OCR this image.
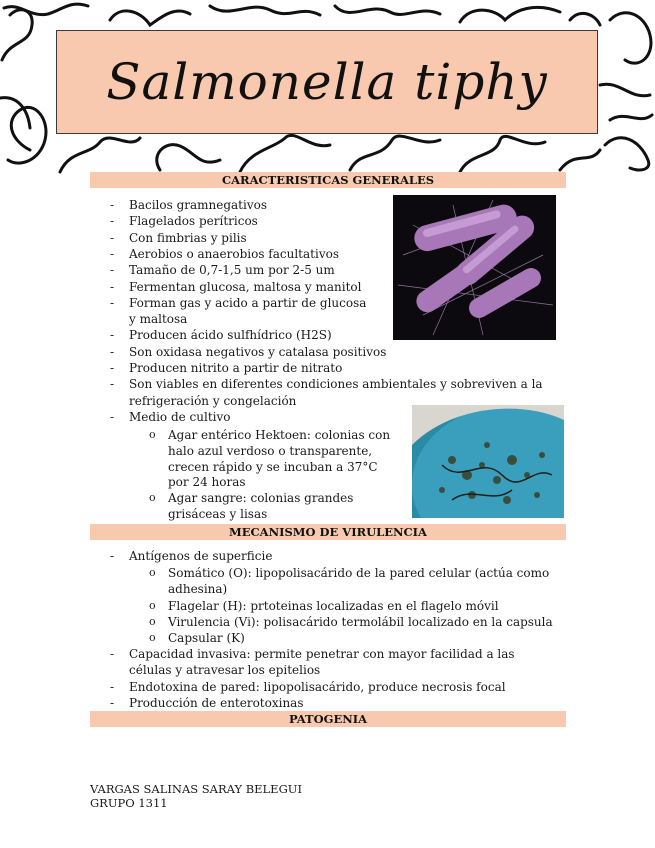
Salmonella tiphy
CARACTERISTICAS GENERALES
- Bacilos gramnegativos
- Flagelados perítricos
- Con fimbrias y pilis
- Aerobios o anaerobios facultativos
- Tamaño de 0,7-1,5 um por 2-5 um
- Fermentan glucosa, maltosa y manitol
- Forman gas y acido a partir de glucosa
y maltosa
- Producen ácido sulfhídrico (H2S)
- Son oxidasa negativos y catalasa positivos
- Producen nitrito a partir de nitrato
- Son viables en diferentes condiciones ambientales y sobreviven a la
refrigeración y congelación
- Medio de cultivo
o Agar entérico Hektoen: colonias con
halo azul verdoso o transparente,
crecen rápido y se incuban a 37°C
por 24 horas
o Agar sangre: colonias grandes
grisáceas y lisas
MECANISMO DE VIRULENCIA
- Antígenos de superficie
o Somático (O): lipopolisacárido de la pared celular (actúa como
adhesina)
o Flagelar (H): prtoteinas localizadas en el flagelo móvil
o Virulencia (Vi): polisacárido termolábil localizado en la capsula
o Capsular (K)
- Capacidad invasiva: permite penetrar con mayor facilidad a las
células y atravesar los epitelios
- Endotoxina de pared: lipopolisacárido, produce necrosis focal
- Producción de enterotoxinas
PATOGENIA
VARGAS SALINAS SARAY BELEGUI
GRUPO 1311
